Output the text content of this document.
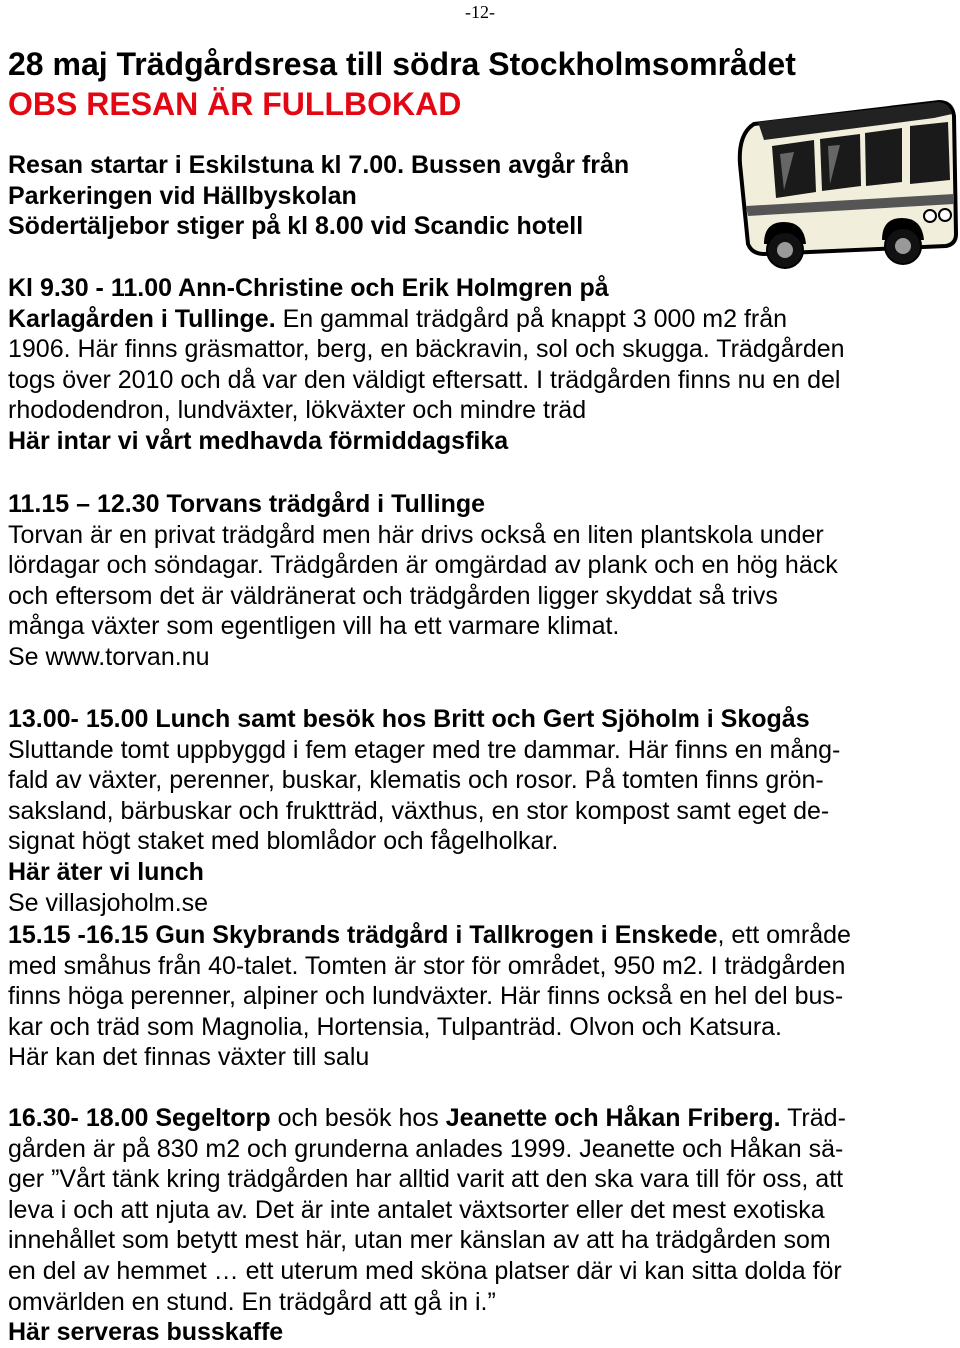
-12-
28 maj Trädgårdsresa till södra Stockholmsområdet
OBS RESAN ÄR FULLBOKAD

Resan startar i Eskilstuna kl 7.00. Bussen avgår från
Parkeringen vid Hällbyskolan
Södertäljebor stiger på kl 8.00 vid Scandic hotell

Kl 9.30 - 11.00 Ann-Christine och Erik Holmgren på
Karlagården i Tullinge. En gammal trädgård på knappt 3 000 m2 från
1906. Här finns gräsmattor, berg, en bäckravin, sol och skugga. Trädgården
togs över 2010 och då var den väldigt eftersatt. I trädgården finns nu en del
rhododendron, lundväxter, lökväxter och mindre träd
Här intar vi vårt medhavda förmiddagsfika

11.15 – 12.30 Torvans trädgård i Tullinge
Torvan är en privat trädgård men här drivs också en liten plantskola under
lördagar och söndagar. Trädgården är omgärdad av plank och en hög häck
och eftersom det är väldränerat och trädgården ligger skyddat så trivs
många växter som egentligen vill ha ett varmare klimat.
Se www.torvan.nu

13.00- 15.00 Lunch samt besök hos Britt och Gert Sjöholm i Skogås
Sluttande tomt uppbyggd i fem etager med tre dammar. Här finns en mång-
fald av växter, perenner, buskar, klematis och rosor. På tomten finns grön-
saksland, bärbuskar och fruktträd, växthus, en stor kompost samt eget de-
signat högt staket med blomlådor och fågelholkar.
Här äter vi lunch
Se villasjoholm.se

15.15 -16.15 Gun Skybrands trädgård i Tallkrogen i Enskede, ett område
med småhus från 40-talet. Tomten är stor för området, 950 m2. I trädgården
finns höga perenner, alpiner och lundväxter. Här finns också en hel del bus-
kar och träd som Magnolia, Hortensia, Tulpanträd. Olvon och Katsura.
Här kan det finnas växter till salu

16.30- 18.00 Segeltorp och besök hos Jeanette och Håkan Friberg. Träd-
gården är på 830 m2 och grunderna anlades 1999. Jeanette och Håkan sä-
ger ”Vårt tänk kring trädgården har alltid varit att den ska vara till för oss, att
leva i och att njuta av. Det är inte antalet växtsorter eller det mest exotiska
innehållet som betytt mest här, utan mer känslan av att ha trädgården som
en del av hemmet … ett uterum med sköna platser där vi kan sitta dolda för
omvärlden en stund. En trädgård att gå in i.”
Här serveras busskaffe
